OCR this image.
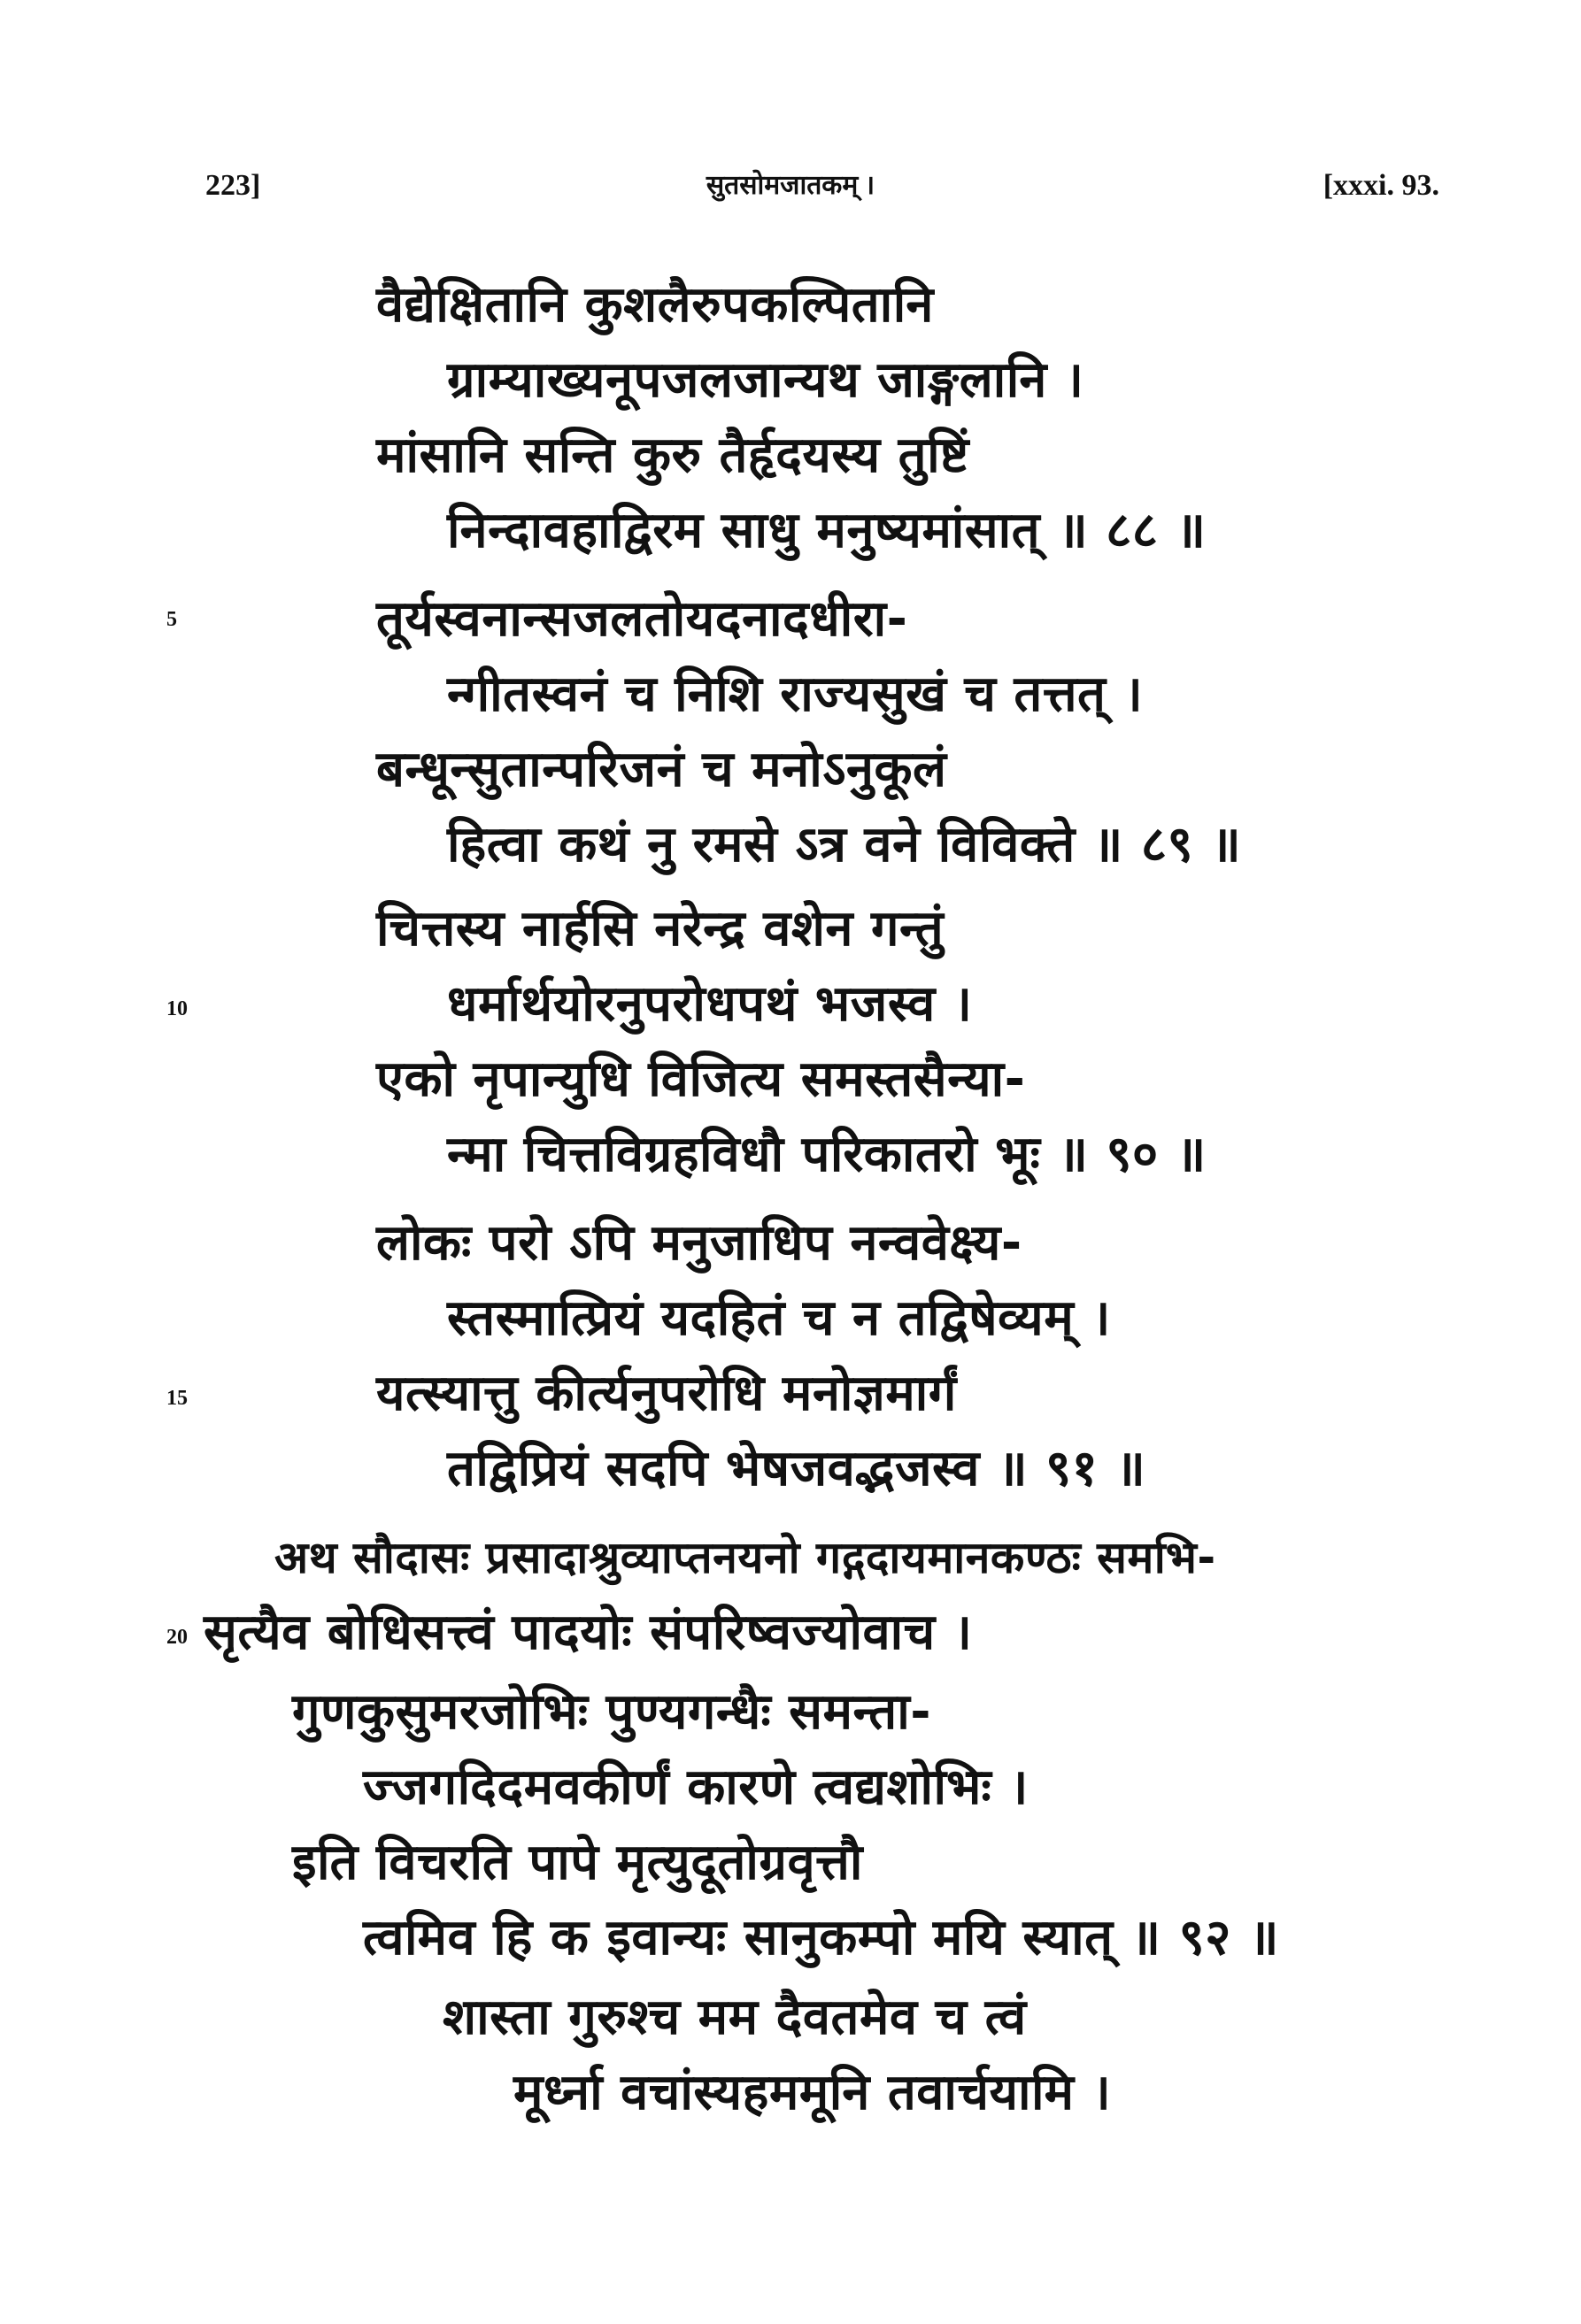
223]	सुतसोमजातकम् ।	[xxxi. 93.
5
10
15
20
वैद्येक्षितानि कुशलैरुपकल्पितानि
ग्राम्याख्यनूपजलजान्यथ जाङ्गलानि ।
मांसानि सन्ति कुरु तैर्हृदयस्य तुष्टिं
निन्दावहाद्विरम साधु मनुष्यमांसात् ॥ ८८ ॥
तूर्यस्वनान्सजलतोयदनादधीरा-
न्गीतस्वनं च निशि राज्यसुखं च तत्तत् ।
बन्धून्सुतान्परिजनं च मनोऽनुकूलं
हित्वा कथं नु रमसे ऽत्र वने विविक्ते ॥ ८९ ॥
चित्तस्य नार्हसि नरेन्द्र वशेन गन्तुं
धर्मार्थयोरनुपरोधपथं भजस्व ।
एको नृपान्युधि विजित्य समस्तसैन्या-
न्मा चित्तविग्रहविधौ परिकातरो भूः ॥ ९० ॥
लोकः परो ऽपि मनुजाधिप नन्ववेक्ष्य-
स्तस्मात्प्रियं यदहितं च न तद्विषेव्यम् ।
यत्स्यात्तु कीर्त्यनुपरोधि मनोज्ञमार्गं
तद्विप्रियं सदपि भेषजवद्भजस्व ॥ ९१ ॥
अथ सौदासः प्रसादाश्रुव्याप्तनयनो गद्गदायमानकण्ठः समभि-
सृत्यैव बोधिसत्त्वं पादयोः संपरिष्वज्योवाच ।
गुणकुसुमरजोभिः पुण्यगन्धैः समन्ता-
ज्जगदिदमवकीर्णं कारणे त्वद्यशोभिः ।
इति विचरति पापे मृत्युदूतोग्रवृत्तौ
त्वमिव हि क इवान्यः सानुकम्पो मयि स्यात् ॥ ९२ ॥
शास्ता गुरुश्च मम दैवतमेव च त्वं
मूर्ध्ना वचांस्यहममूनि तवार्चयामि ।
